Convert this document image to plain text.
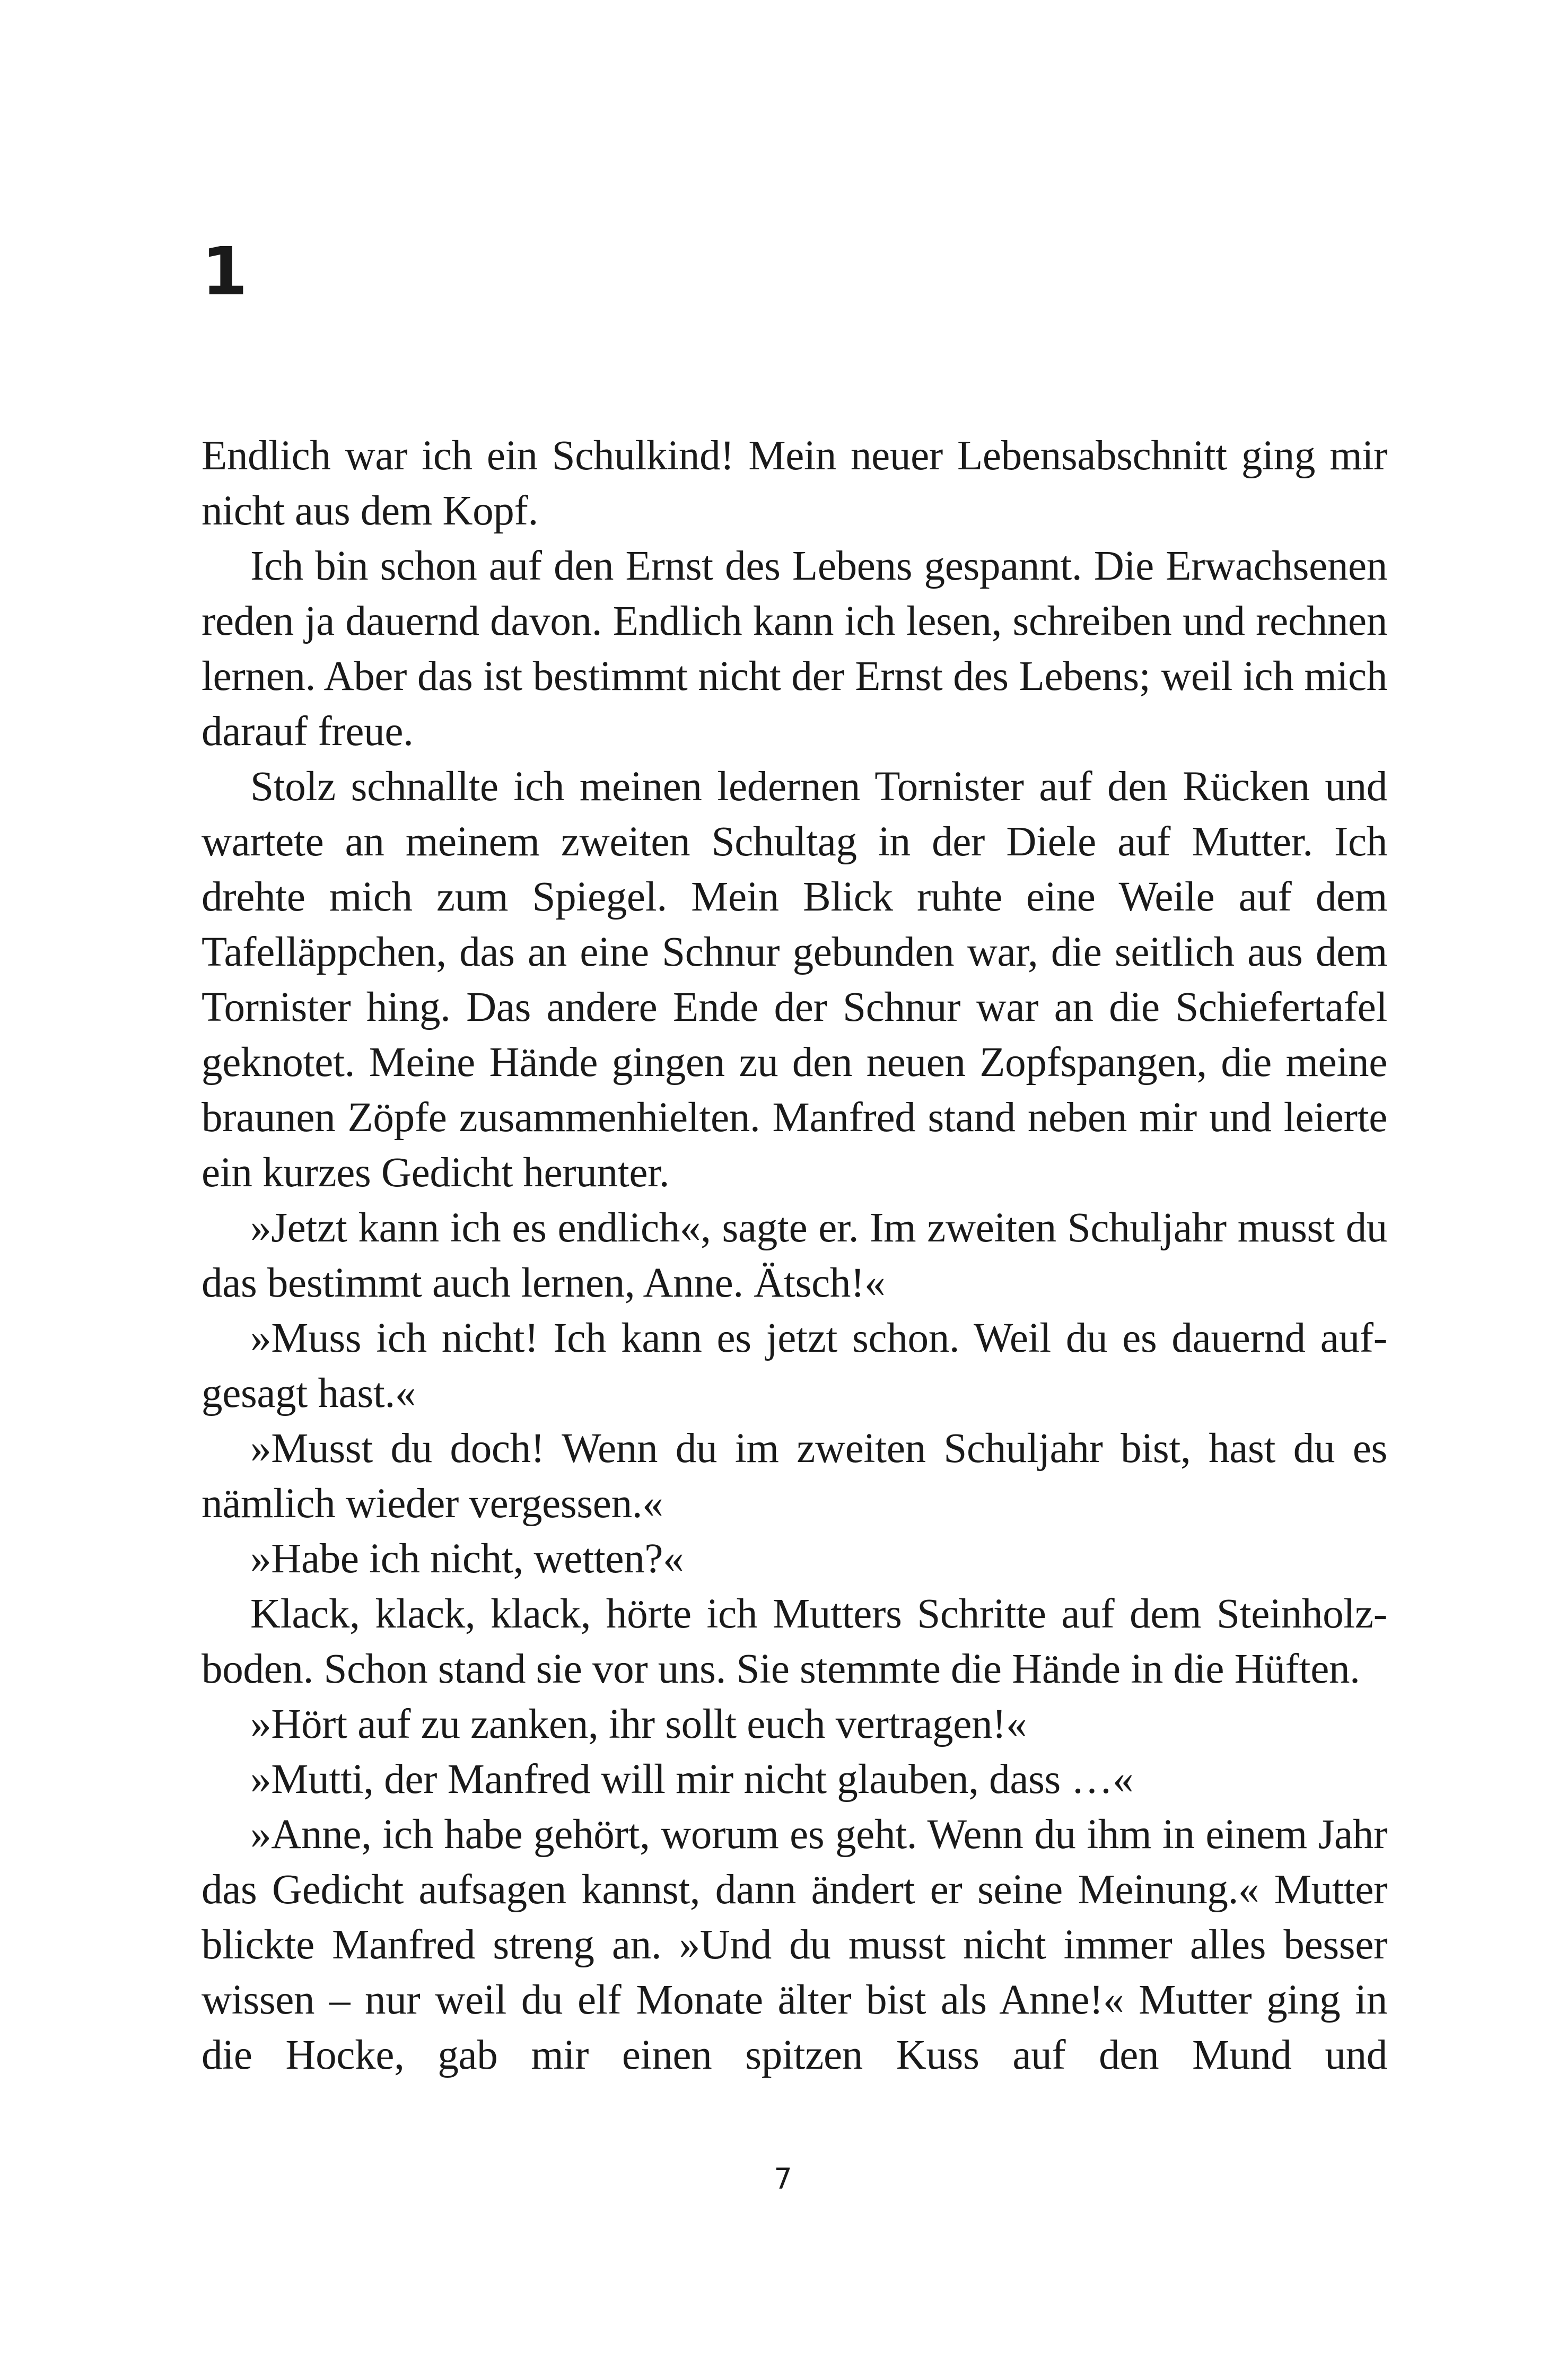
1

Endlich war ich ein Schulkind! Mein neuer Lebensabschnitt ging mir nicht aus dem Kopf.

Ich bin schon auf den Ernst des Lebens gespannt. Die Erwachsenen reden ja dauernd davon. Endlich kann ich lesen, schreiben und rechnen lernen. Aber das ist bestimmt nicht der Ernst des Lebens; weil ich mich darauf freue.

Stolz schnallte ich meinen ledernen Tornister auf den Rücken und wartete an meinem zweiten Schultag in der Diele auf Mutter. Ich drehte mich zum Spiegel. Mein Blick ruhte eine Weile auf dem Tafelläppchen, das an eine Schnur gebunden war, die seitlich aus dem Tornister hing. Das andere Ende der Schnur war an die Schiefertafel geknotet. Meine Hände gingen zu den neuen Zopfspangen, die meine braunen Zöpfe zusammenhielten. Manfred stand neben mir und leierte ein kurzes Gedicht herunter.

»Jetzt kann ich es endlich«, sagte er. Im zweiten Schuljahr musst du das bestimmt auch lernen, Anne. Ätsch!«

»Muss ich nicht! Ich kann es jetzt schon. Weil du es dauernd aufgesagt hast.«

»Musst du doch! Wenn du im zweiten Schuljahr bist, hast du es nämlich wieder vergessen.«

»Habe ich nicht, wetten?«

Klack, klack, klack, hörte ich Mutters Schritte auf dem Steinholzboden. Schon stand sie vor uns. Sie stemmte die Hände in die Hüften.

»Hört auf zu zanken, ihr sollt euch vertragen!«

»Mutti, der Manfred will mir nicht glauben, dass …«

»Anne, ich habe gehört, worum es geht. Wenn du ihm in einem Jahr das Gedicht aufsagen kannst, dann ändert er seine Meinung.« Mutter blickte Manfred streng an. »Und du musst nicht immer alles besser wissen – nur weil du elf Monate älter bist als Anne!« Mutter ging in die Hocke, gab mir einen spitzen Kuss auf den Mund und

7
